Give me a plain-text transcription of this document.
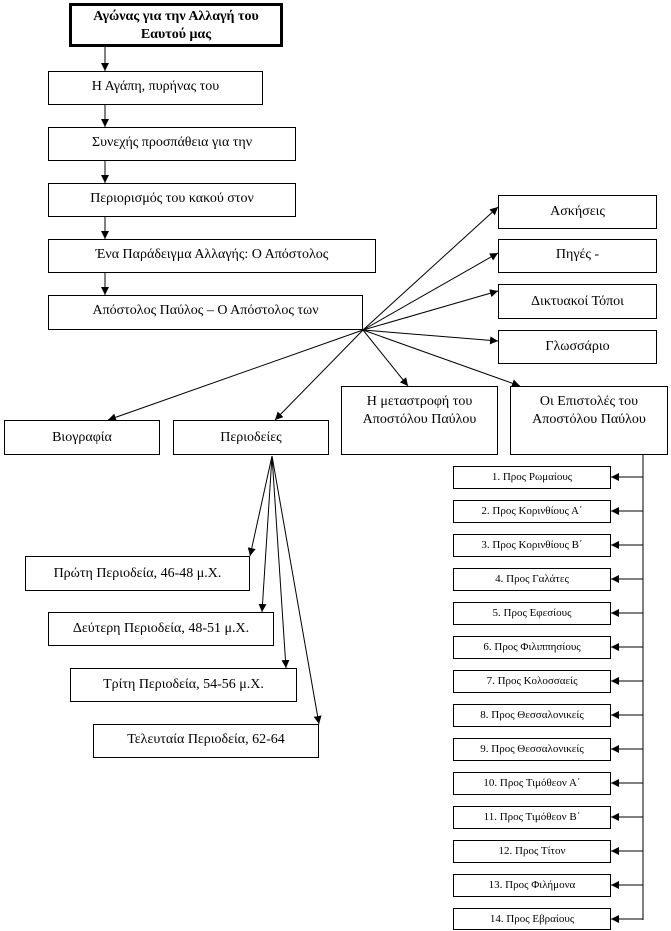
Αγώνας για την Αλλαγή του Εαυτού μας
Η Αγάπη, πυρήνας του
Συνεχής προσπάθεια για την
Περιορισμός του κακού στον
Ένα Παράδειγμα Αλλαγής: Ο Απόστολος
Απόστολος Παύλος – Ο Απόστολος των
Ασκήσεις
Πηγές -
Δικτυακοί Τόποι
Γλωσσάριο
Βιογραφία	Περιοδείες
Η μεταστροφή του Αποστόλου Παύλου
Οι Επιστολές του Αποστόλου Παύλου
Πρώτη Περιοδεία, 46-48 μ.Χ.
Δεύτερη Περιοδεία, 48-51 μ.Χ.
Τρίτη Περιοδεία, 54-56 μ.Χ.
Τελευταία Περιοδεία, 62-64
1. Προς Ρωμαίους
2. Προς Κορινθίους Α΄
3. Προς Κορινθίους Β΄
4. Προς Γαλάτες
5. Προς Εφεσίους
6. Προς Φιλιππησίους
7. Προς Κολοσσαείς
8. Προς Θεσσαλονικείς
9. Προς Θεσσαλονικείς
10. Προς Τιμόθεον Α΄
11. Προς Τιμόθεον Β΄
12. Προς Τίτον
13. Προς Φιλήμονα
14. Προς Εβραίους
